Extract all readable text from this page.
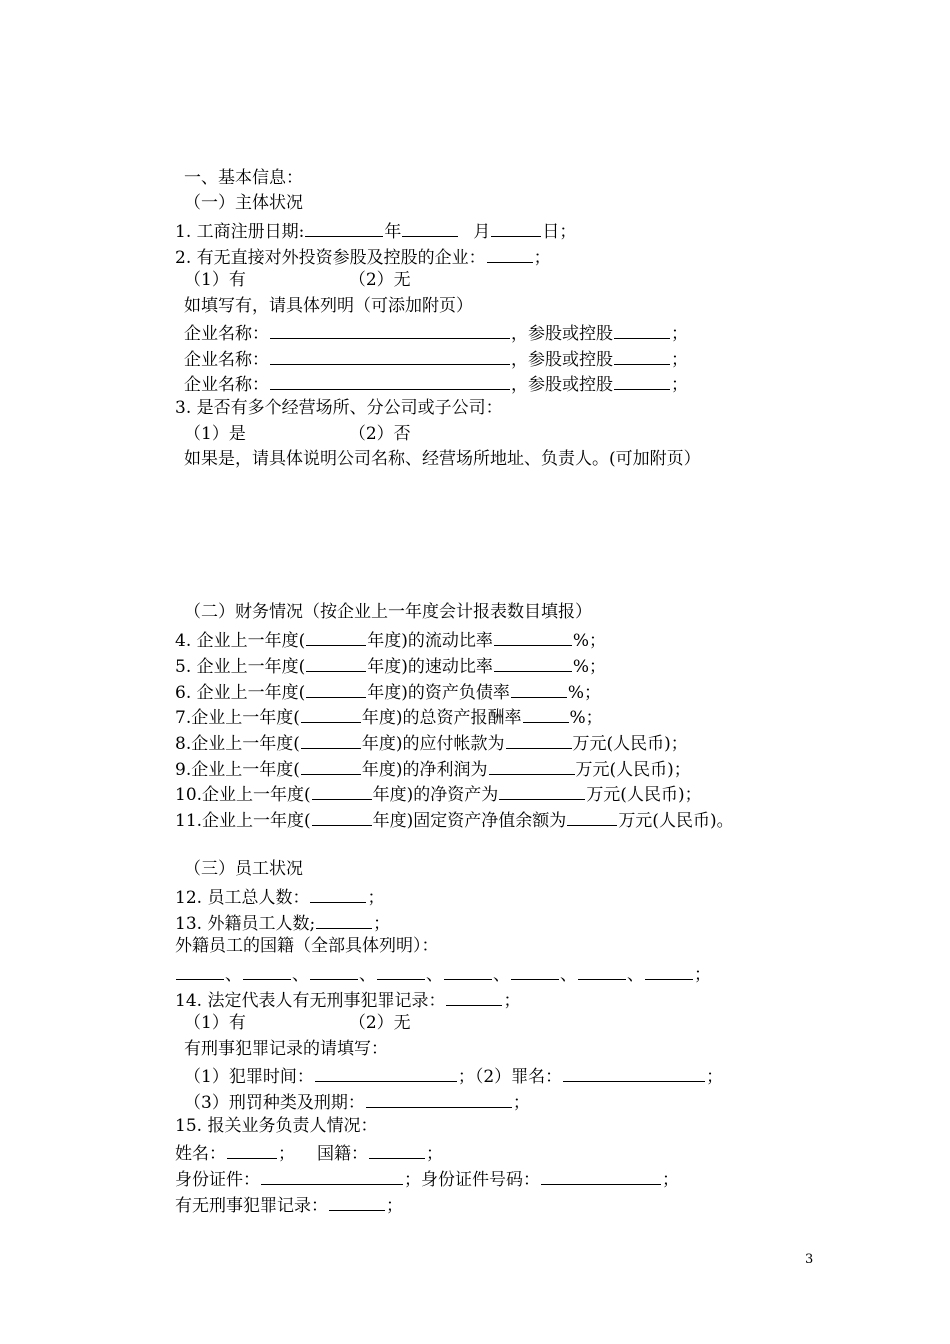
一、基本信息：
（一）主体状况
1. 工商注册日期:	年	月	日；
2. 有无直接对外投资参股及控股的企业：	；
（1）有	（2）无
如填写有，请具体列明（可添加附页）
企业名称：	，参股或控股	；
企业名称：	，参股或控股	；
企业名称：	，参股或控股	；
3. 是否有多个经营场所、分公司或子公司：
（1）是	（2）否
如果是，请具体说明公司名称、经营场所地址、负责人。(可加附页）
（二）财务情况（按企业上一年度会计报表数目填报）
4. 企业上一年度(	年度)的流动比率	%；
5. 企业上一年度(	年度)的速动比率	%；
6. 企业上一年度(	年度)的资产负债率	%；
7.企业上一年度(	年度)的总资产报酬率	%；
8.企业上一年度(	年度)的应付帐款为	万元(人民币)；
9.企业上一年度(	年度)的净利润为	万元(人民币)；
10.企业上一年度(	年度)的净资产为	万元(人民币)；
11.企业上一年度(	年度)固定资产净值余额为	万元(人民币)。
（三）员工状况
12. 员工总人数：	；
13. 外籍员工人数;	；
外籍员工的国籍（全部具体列明）：
、	、	、	、	、	、	、	；
14. 法定代表人有无刑事犯罪记录：	；
（1）有	（2）无
有刑事犯罪记录的请填写：
（1）犯罪时间：	；（2）罪名：	；
（3）刑罚种类及刑期：	；
15. 报关业务负责人情况：
姓名：	； 国籍：	；
身份证件：	；身份证件号码：	；
有无刑事犯罪记录：	；
3
